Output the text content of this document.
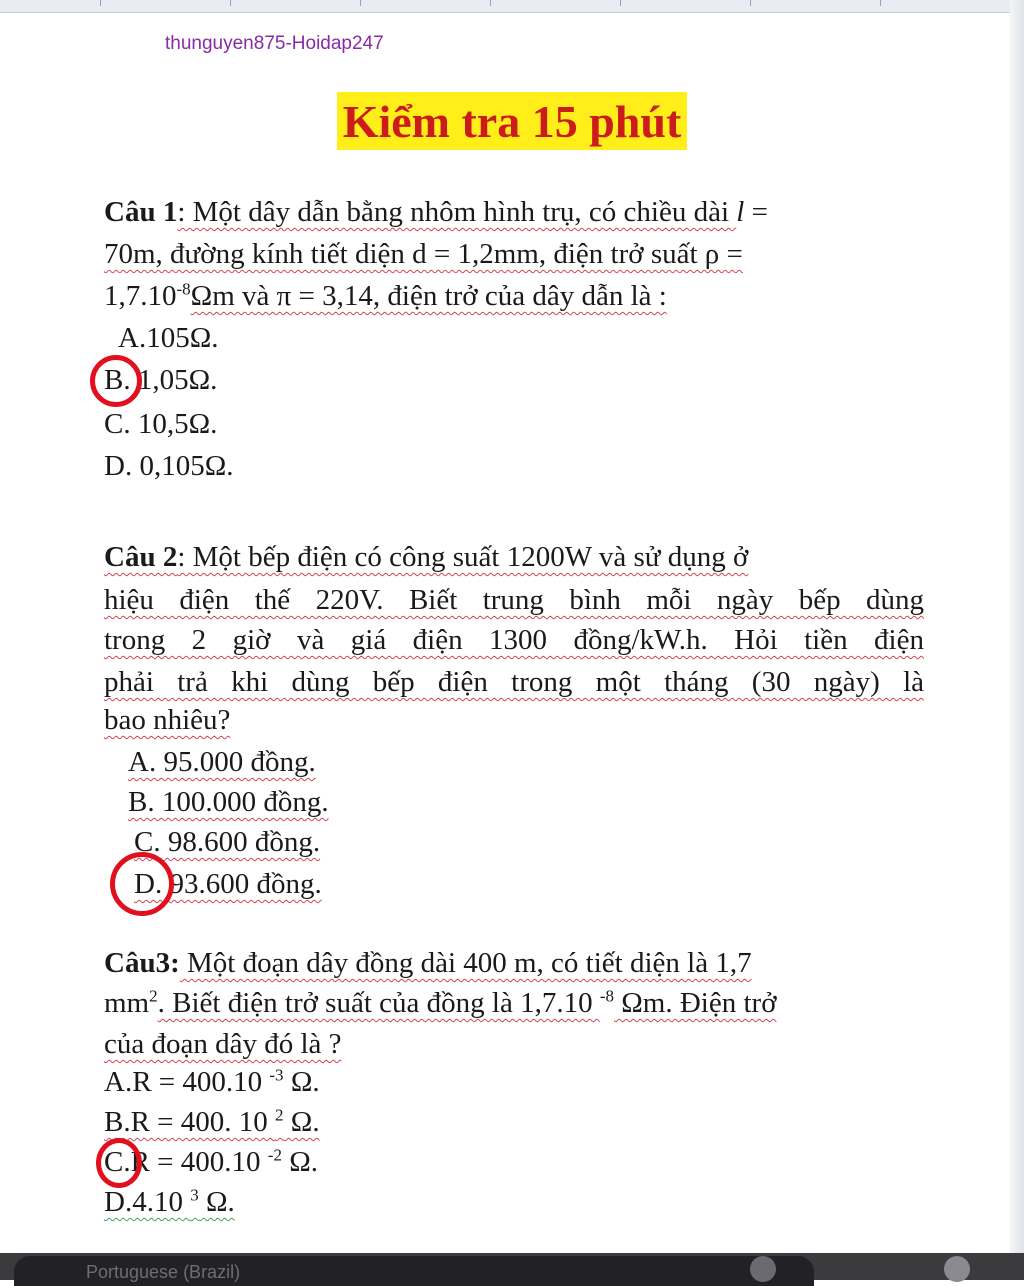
thunguyen875-Hoidap247
Kiểm tra 15 phút
Câu 1: Một dây dẫn bằng nhôm hình trụ, có chiều dài l =
70m, đường kính tiết diện d = 1,2mm, điện trở suất ρ =
$1,7.10^{-8}\Omega m$ và π = 3,14, điện trở của dây dẫn là :
A.105Ω.
B. 1,05Ω.
C. 10,5Ω.
D. 0,105Ω.
Câu 2: Một bếp điện có công suất 1200W và sử dụng ở
hiệu điện thế 220V. Biết trung bình mỗi ngày bếp dùng
trong 2 giờ và giá điện 1300 đồng/kW.h. Hỏi tiền điện
phải trả khi dùng bếp điện trong một tháng (30 ngày) là
bao nhiêu?
A. 95.000 đồng.
B. 100.000 đồng.
C. 98.600 đồng.
D. 93.600 đồng.
Câu3: Một đoạn dây đồng dài 400 m, có tiết diện là 1,7
$mm^2$. Biết điện trở suất của đồng là 1,7.10 $^{-8}$ Ωm. Điện trở
của đoạn dây đó là ?
A.R = 400.10 $^{-3}$ Ω.
B.R = 400. 10 $^2$ Ω.
C.R = 400.10 $^{-2}$ Ω.
D.4.10 $^3$ Ω.
Portuguese (Brazil)
